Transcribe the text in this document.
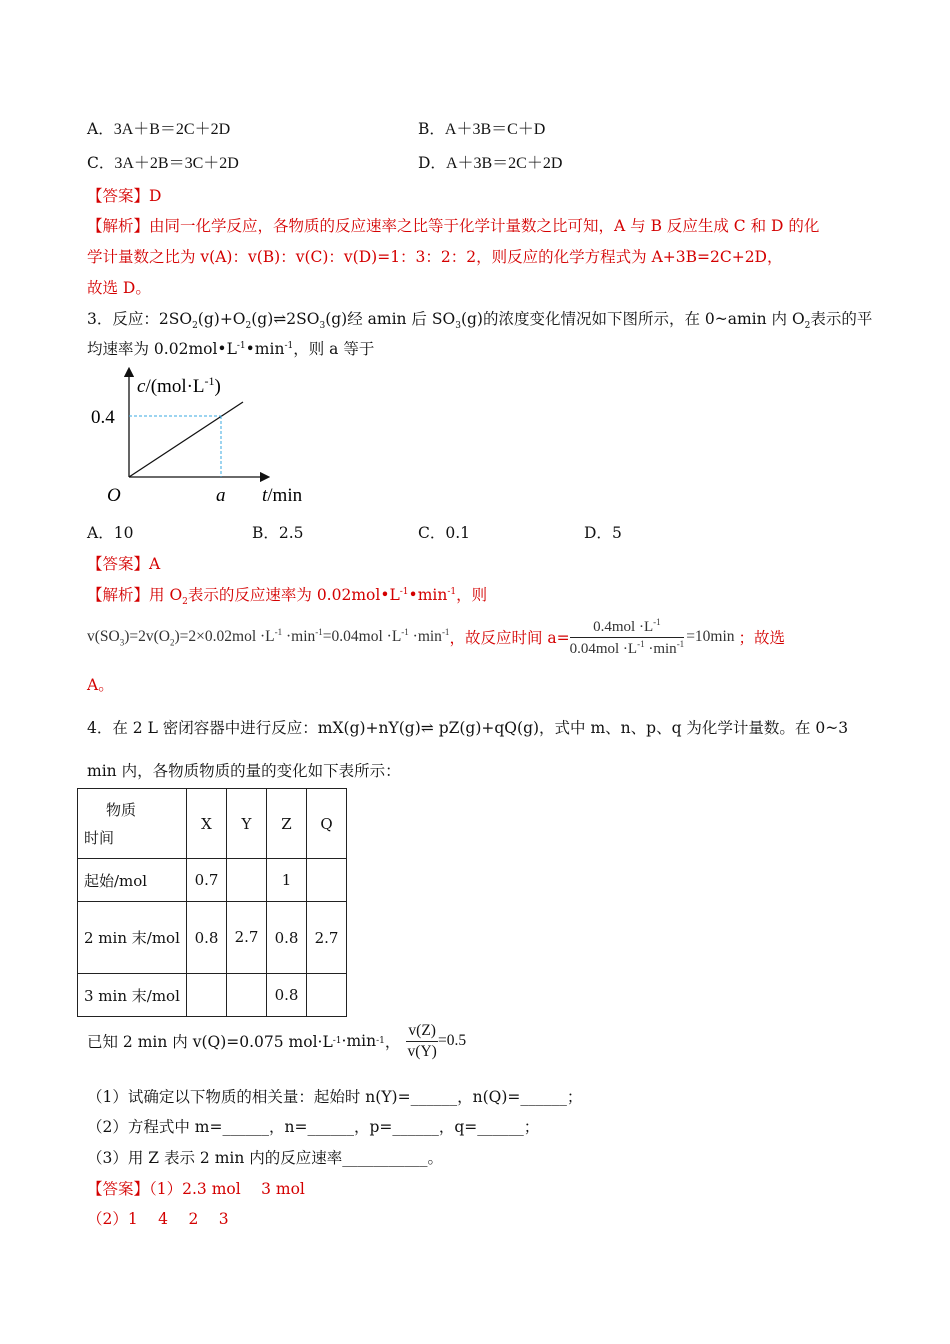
A．3A＋B＝2C＋2D	B．A＋3B＝C＋D
C．3A＋2B＝3C＋2D	D．A＋3B＝2C＋2D
【答案】D
【解析】由同一化学反应，各物质的反应速率之比等于化学计量数之比可知，A 与 B 反应生成 C 和 D 的化
学计量数之比为 v(A)：v(B)：v(C)：v(D)=1：3：2：2，则反应的化学方程式为 A+3B=2C+2D，
故选 D。
3．反应：$2SO_2(g)+O_2(g)\rightleftharpoons 2SO_3(g)$经 amin 后 $SO_3(g)$的浓度变化情况如下图所示，在 0~amin 内 $O_2$表示的平
均速率为 $0.02mol•L^{-1}•\min^{-1}$，则 a 等于
$c/(mol\cdot L^{-1})$
0.4
O	a t/min
A．10	B．2.5	C．0.1	D．5
【答案】A
【解析】用 $O_2$表示的反应速率为 $0.02mol•L^{-1}•\min^{-1}$，则
$v(SO_3)=2v(O_2)=2\times 0.02mol \cdot L^{-1} \cdot\min^{-1}=0.04mol \cdot L^{-1} \cdot\min^{-1}$ ，故反应时间 $a= \frac{0.4mol \cdot L^{-1}}{0.04mol \cdot L^{-1} \cdot\min^{-1}} =10\min$ ；故选
A。
4．在 2 L 密闭容器中进行反应：mX(g)+nY(g)⇌ pZ(g)+qQ(g)，式中 m、n、p、q 为化学计量数。在 0~3
min 内，各物质物质的量的变化如下表所示：
物质
时间	X	Y	Z	Q
起始/mol	0.7		1	
2 min 末/mol	0.8	2.7	0.8	2.7
3 min 末/mol			0.8	
已知 2 min 内 v(Q)=0.075 mol·L -1 ·min -1 ， $\frac{v(Z)}{v(Y)} =0.5$
（1）试确定以下物质的相关量：起始时 n(Y)=______，n(Q)=______；
（2）方程式中 m=______，n=______，p=______，q=______；
（3）用 Z 表示 2 min 内的反应速率___________。
【答案】（1）2.3 mol　 3 mol
（2）1　 4　 2　 3
